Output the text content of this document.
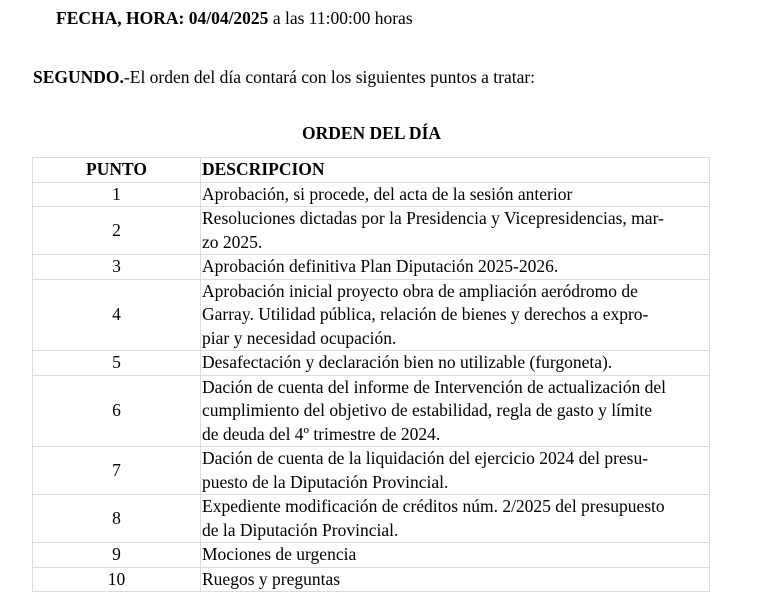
FECHA, HORA: 04/04/2025 a las 11:00:00 horas
SEGUNDO.-El orden del día contará con los siguientes puntos a tratar:
ORDEN DEL DÍA
PUNTO	DESCRIPCION
1	Aprobación, si procede, del acta de la sesión anterior

2	Resoluciones dictadas por la Presidencia y Vicepresidencias, mar-
zo 2025.

3	Aprobación definitiva Plan Diputación 2025-2026.

4	Aprobación inicial proyecto obra de ampliación aeródromo de
Garray. Utilidad pública, relación de bienes y derechos a expro-
piar y necesidad ocupación.

5	Desafectación y declaración bien no utilizable (furgoneta).

6	Dación de cuenta del informe de Intervención de actualización del
cumplimiento del objetivo de estabilidad, regla de gasto y límite
de deuda del 4º trimestre de 2024.

7	Dación de cuenta de la liquidación del ejercicio 2024 del presu-
puesto de la Diputación Provincial.

8	Expediente modificación de créditos núm. 2/2025 del presupuesto
de la Diputación Provincial.

9	Mociones de urgencia

10	Ruegos y preguntas
